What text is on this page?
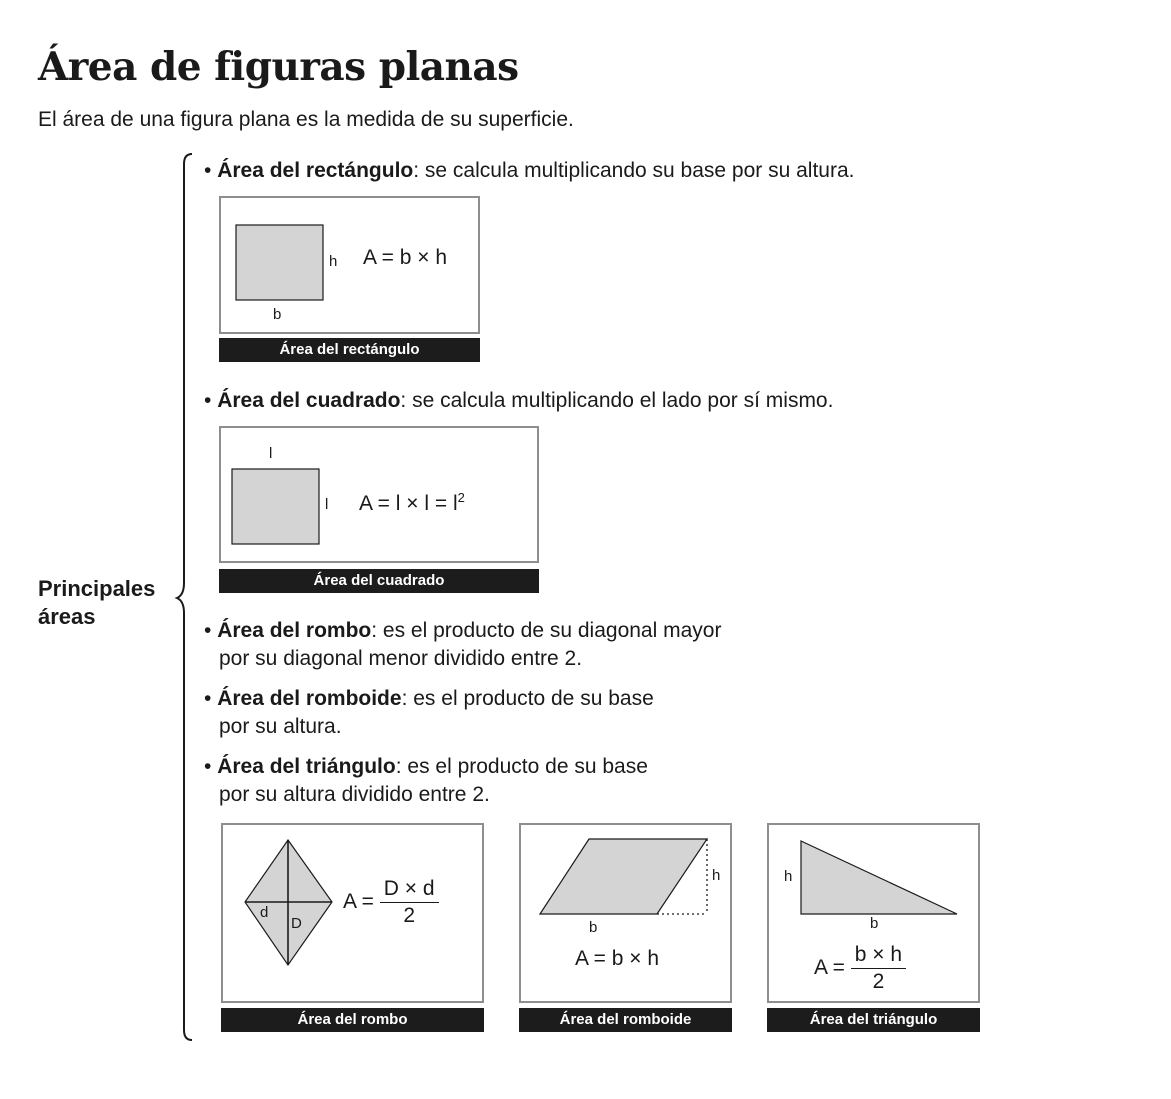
Área de figuras planas
El área de una figura plana es la medida de su superficie.
Principales
áreas
• Área del rectángulo: se calcula multiplicando su base por su altura.
h
b
A = b × h
Área del rectángulo
• Área del cuadrado: se calcula multiplicando el lado por sí mismo.
l
l $A = l \times l = l^2$
Área del cuadrado
• Área del rombo: es el producto de su diagonal mayor
por su diagonal menor dividido entre 2.
• Área del romboide: es el producto de su base
por su altura.
• Área del triángulo: es el producto de su base
por su altura dividido entre 2.
d
D
$A = \frac{D \times d}{2}$
Área del rombo
h
b
A = b × h
Área del romboide
h
b
$A = \frac{b \times h}{2}$
Área del triángulo
